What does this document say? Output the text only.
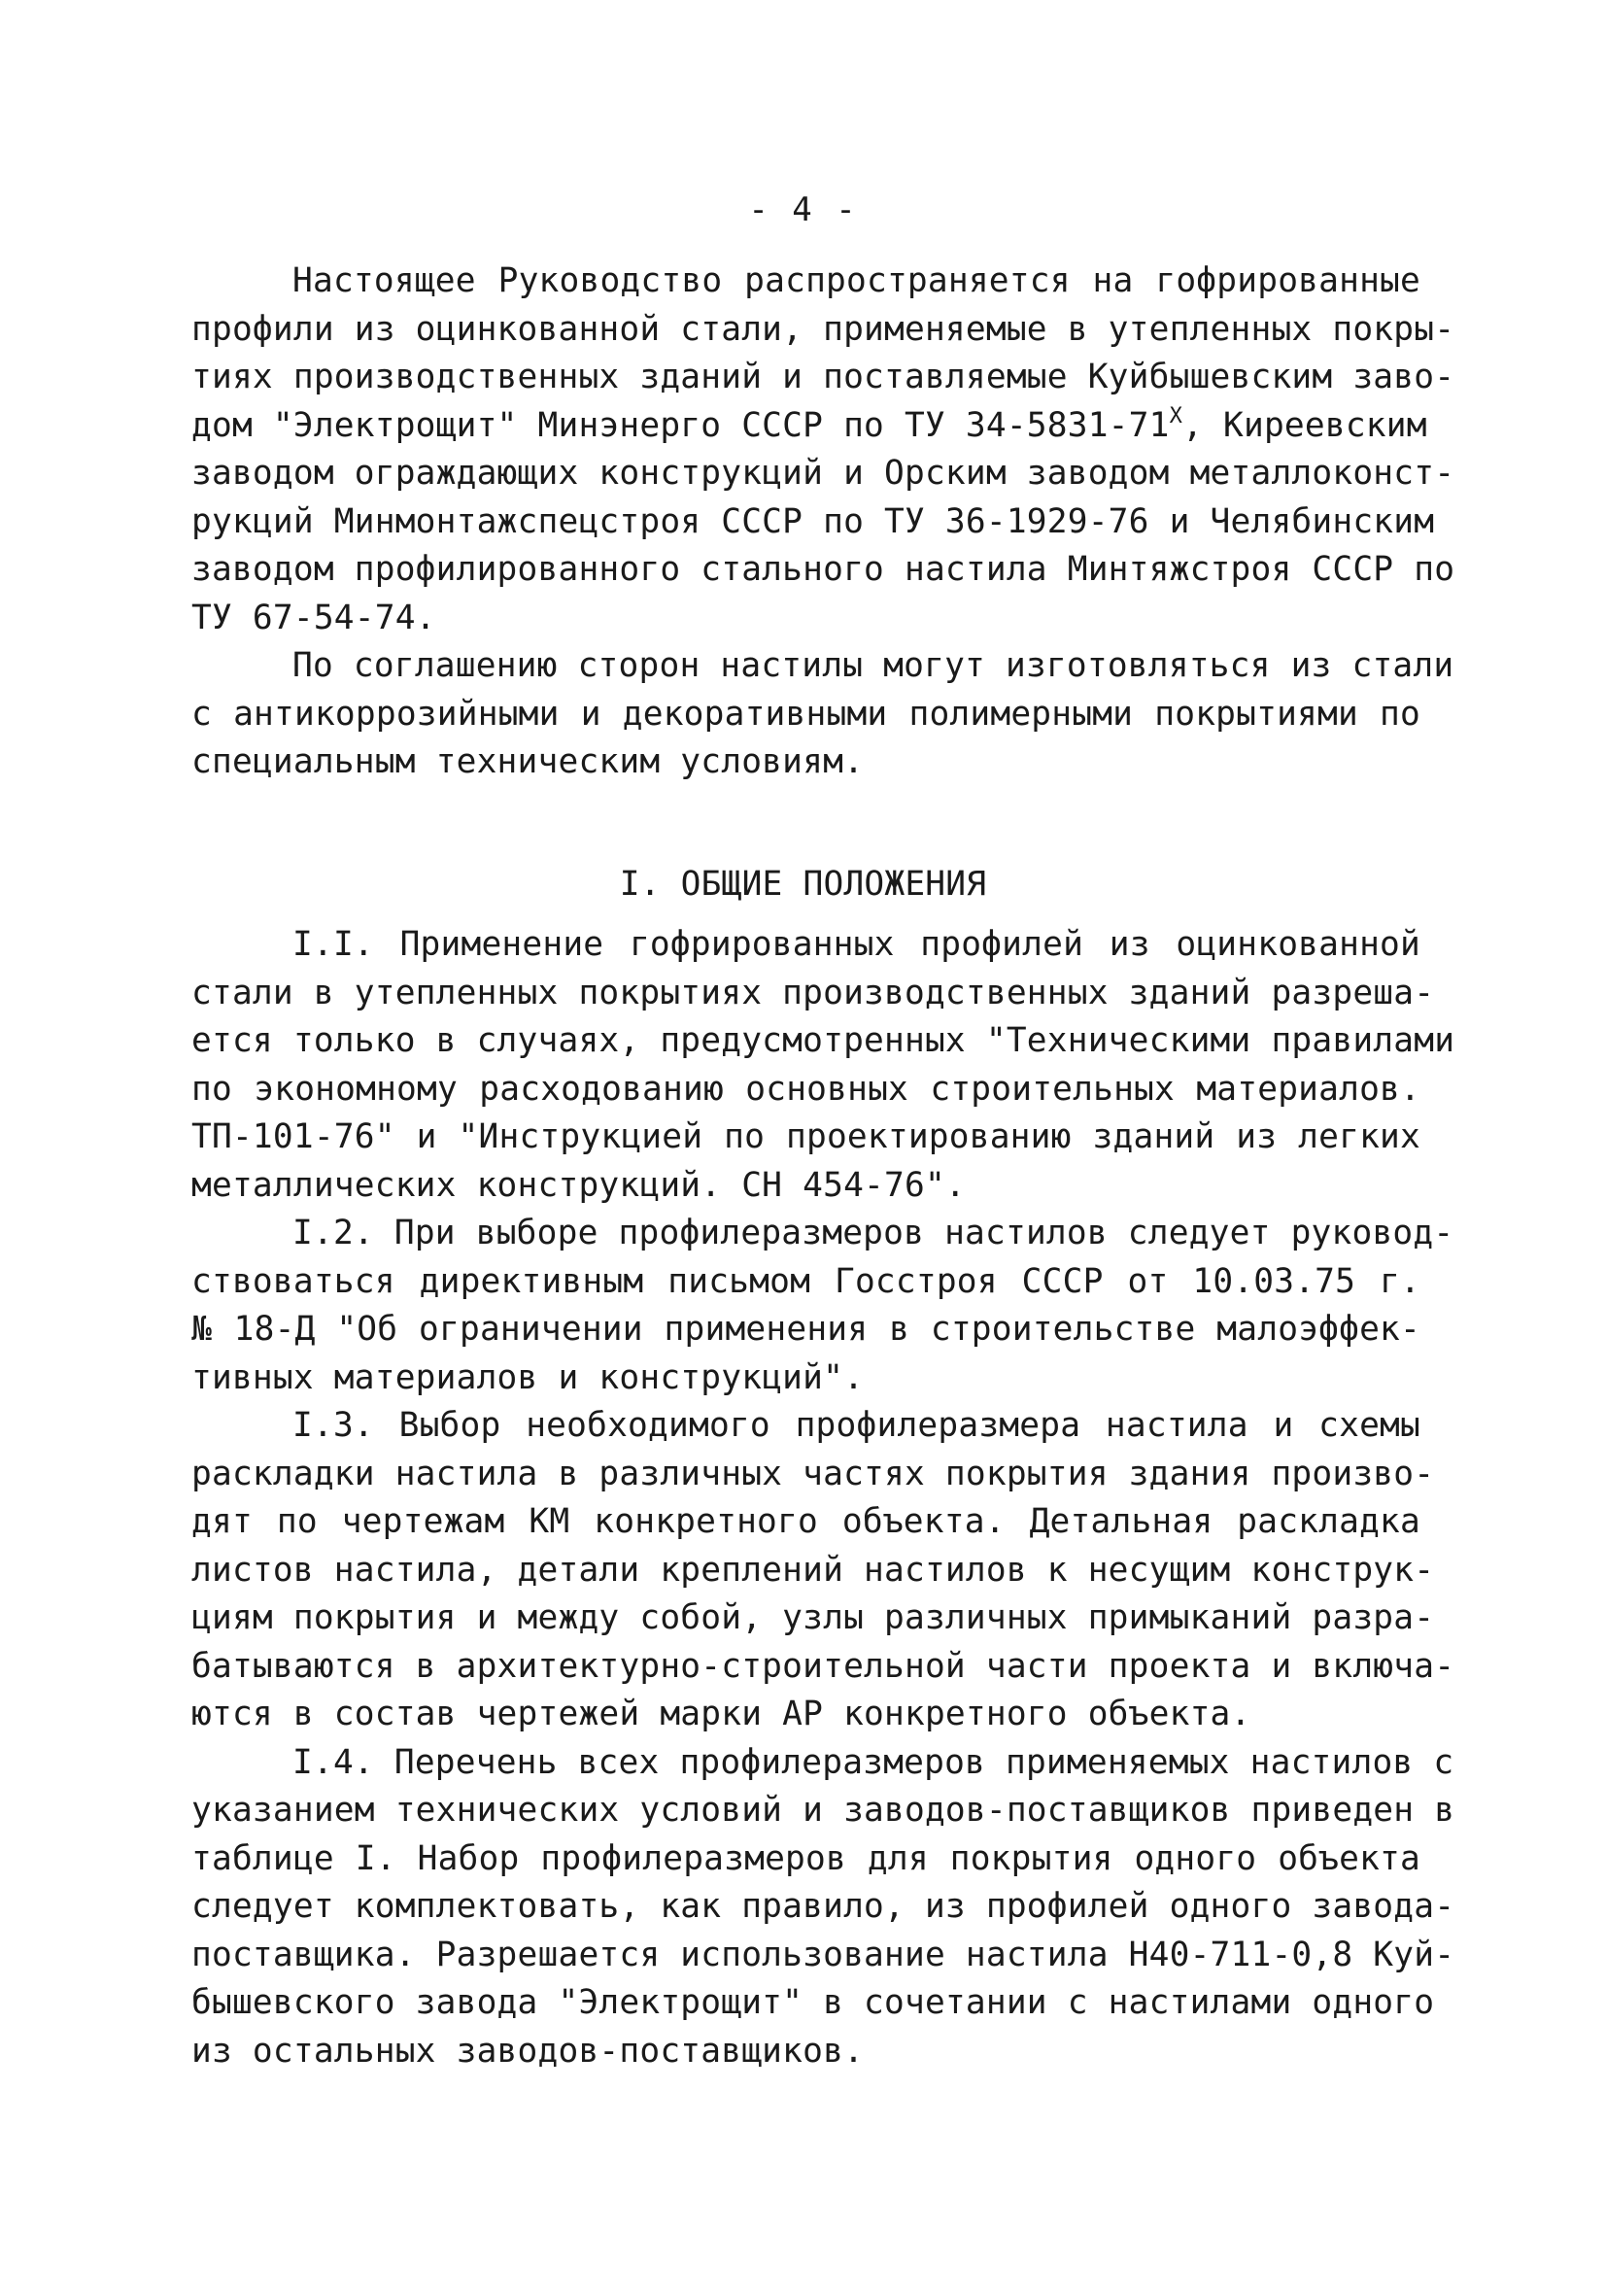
- 4 -
Настоящее Руководство распространяется на гофрированные
профили из оцинкованной стали, применяемые в утепленных покры-
тиях производственных зданий и поставляемые Куйбышевским заво-
дом "Электрощит" Минэнерго СССР по ТУ $34-5831-71^Х$, Киреевским
заводом ограждающих конструкций и Орским заводом металлоконст-
рукций Минмонтажспецстроя СССР по ТУ 36-1929-76 и Челябинским
заводом профилированного стального настила Минтяжстроя СССР по
ТУ 67-54-74.
По соглашению сторон настилы могут изготовляться из стали
с антикоррозийными и декоративными полимерными покрытиями по
специальным техническим условиям.
I. ОБЩИЕ ПОЛОЖЕНИЯ
I.I. Применение гофрированных профилей из оцинкованной
стали в утепленных покрытиях производственных зданий разреша-
ется только в случаях, предусмотренных "Техническими правилами
по экономному расходованию основных строительных материалов.
ТП-101-76" и "Инструкцией по проектированию зданий из легких
металлических конструкций. СН 454-76".
I.2. При выборе профилеразмеров настилов следует руковод-
ствоваться директивным письмом Госстроя СССР от 10.03.75 г.
№ 18-Д "Об ограничении применения в строительстве малоэффек-
тивных материалов и конструкций".
I.3. Выбор необходимого профилеразмера настила и схемы
раскладки настила в различных частях покрытия здания произво-
дят по чертежам КМ конкретного объекта. Детальная раскладка
листов настила, детали креплений настилов к несущим конструк-
циям покрытия и между собой, узлы различных примыканий разра-
батываются в архитектурно-строительной части проекта и включа-
ются в состав чертежей марки АР конкретного объекта.
I.4. Перечень всех профилеразмеров применяемых настилов с
указанием технических условий и заводов-поставщиков приведен в
таблице I. Набор профилеразмеров для покрытия одного объекта
следует комплектовать, как правило, из профилей одного завода-
поставщика. Разрешается использование настила Н40-711-0,8 Куй-
бышевского завода "Электрощит" в сочетании с настилами одного
из остальных заводов-поставщиков.
